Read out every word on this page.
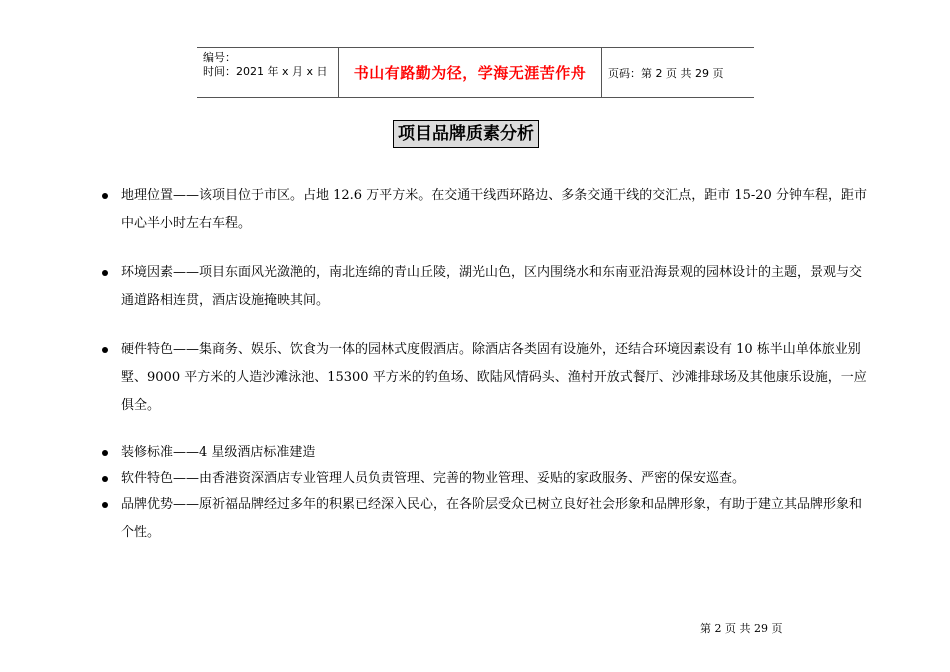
编号：
时间：2021 年 x 月 x 日 书山有路勤为径，学海无涯苦作舟	页码：第 2 页 共 29 页
项目品牌质素分析
地理位置——该项目位于市区。占地 12.6 万平方米。在交通干线西环路边、多条交通干线的交汇点，距市 15-20 分钟车程，距市中心半小时左右车程。
环境因素——项目东面风光潋滟的，南北连绵的青山丘陵，湖光山色，区内围绕水和东南亚沿海景观的园林设计的主题，景观与交通道路相连贯，酒店设施掩映其间。
硬件特色——集商务、娱乐、饮食为一体的园林式度假酒店。除酒店各类固有设施外，还结合环境因素设有 10 栋半山单体旅业别墅、9000 平方米的人造沙滩泳池、15300 平方米的钓鱼场、欧陆风情码头、渔村开放式餐厅、沙滩排球场及其他康乐设施，一应俱全。
装修标准——4 星级酒店标准建造
软件特色——由香港资深酒店专业管理人员负责管理、完善的物业管理、妥贴的家政服务、严密的保安巡查。
品牌优势——原祈福品牌经过多年的积累已经深入民心，在各阶层受众已树立良好社会形象和品牌形象，有助于建立其品牌形象和个性。
第 2 页 共 29 页
